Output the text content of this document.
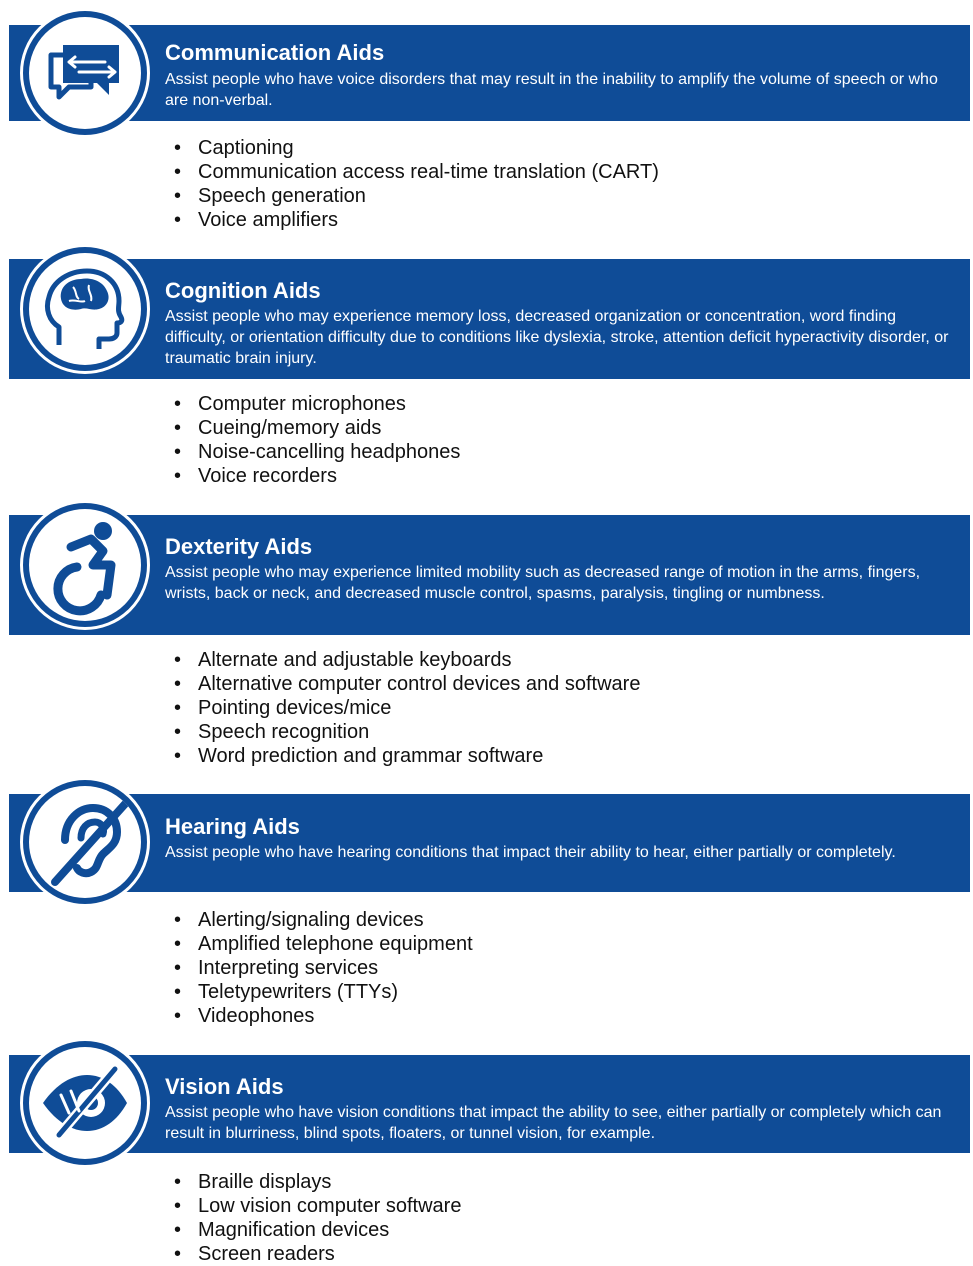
Communication Aids
Assist people who have voice disorders that may result in the inability to amplify the volume of speech or who are non-verbal.
• Captioning
• Communication access real-time translation (CART)
• Speech generation
• Voice amplifiers
Cognition Aids
Assist people who may experience memory loss, decreased organization or concentration, word finding difficulty, or orientation difficulty due to conditions like dyslexia, stroke, attention deficit hyperactivity disorder, or traumatic brain injury.
• Computer microphones
• Cueing/memory aids
• Noise-cancelling headphones
• Voice recorders
Dexterity Aids
Assist people who may experience limited mobility such as decreased range of motion in the arms, fingers, wrists, back or neck, and decreased muscle control, spasms, paralysis, tingling or numbness.
• Alternate and adjustable keyboards
• Alternative computer control devices and software
• Pointing devices/mice
• Speech recognition
• Word prediction and grammar software
Hearing Aids
Assist people who have hearing conditions that impact their ability to hear, either partially or completely.
• Alerting/signaling devices
• Amplified telephone equipment
• Interpreting services
• Teletypewriters (TTYs)
• Videophones
Vision Aids
Assist people who have vision conditions that impact the ability to see, either partially or completely which can result in blurriness, blind spots, floaters, or tunnel vision, for example.
• Braille displays
• Low vision computer software
• Magnification devices
• Screen readers
